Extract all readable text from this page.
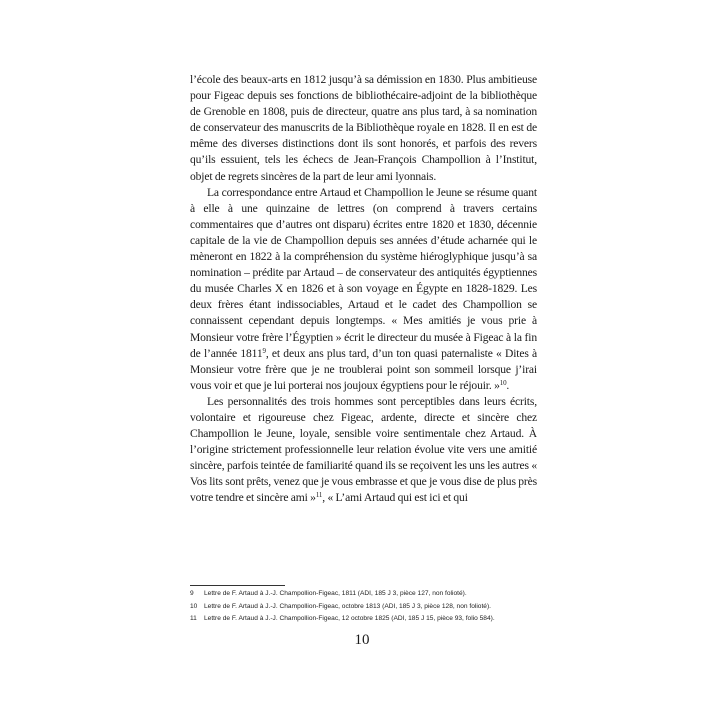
l’école des beaux-arts en 1812 jusqu’à sa démission en 1830. Plus ambitieuse pour Figeac depuis ses fonctions de bibliothécaire-adjoint de la bibliothèque de Grenoble en 1808, puis de directeur, quatre ans plus tard, à sa nomination de conservateur des manuscrits de la Bibliothèque royale en 1828. Il en est de même des diverses distinctions dont ils sont honorés, et parfois des revers qu’ils essuient, tels les échecs de Jean-François Champollion à l’Institut, objet de regrets sincères de la part de leur ami lyonnais.

La correspondance entre Artaud et Champollion le Jeune se résume quant à elle à une quinzaine de lettres (on comprend à travers certains commentaires que d’autres ont disparu) écrites entre 1820 et 1830, décennie capitale de la vie de Champollion depuis ses années d’étude acharnée qui le mèneront en 1822 à la compréhension du système hiéroglyphique jusqu’à sa nomination – prédite par Artaud – de conservateur des antiquités égyptiennes du musée Charles X en 1826 et à son voyage en Égypte en 1828-1829. Les deux frères étant indissociables, Artaud et le cadet des Champollion se connaissent cependant depuis longtemps. « Mes amitiés je vous prie à Monsieur votre frère l’Égyptien » écrit le directeur du musée à Figeac à la fin de l’année 1811$^9$, et deux ans plus tard, d’un ton quasi paternaliste « Dites à Monsieur votre frère que je ne troublerai point son sommeil lorsque j’irai vous voir et que je lui porterai nos joujoux égyptiens pour le réjouir. »$^{10}$.

Les personnalités des trois hommes sont perceptibles dans leurs écrits, volontaire et rigoureuse chez Figeac, ardente, directe et sincère chez Champollion le Jeune, loyale, sensible voire sentimentale chez Artaud. À l’origine strictement professionnelle leur relation évolue vite vers une amitié sincère, parfois teintée de familiarité quand ils se reçoivent les uns les autres « Vos lits sont prêts, venez que je vous embrasse et que je vous dise de plus près votre tendre et sincère ami »$^{11}$, « L’ami Artaud qui est ici et qui

9 Lettre de F. Artaud à J.-J. Champollion-Figeac, 1811 (ADI, 185 J 3, pièce 127, non folioté).
10 Lettre de F. Artaud à J.-J. Champollion-Figeac, octobre 1813 (ADI, 185 J 3, pièce 128, non folioté).
11 Lettre de F. Artaud à J.-J. Champollion-Figeac, 12 octobre 1825 (ADI, 185 J 15, pièce 93, folio 584).
10
